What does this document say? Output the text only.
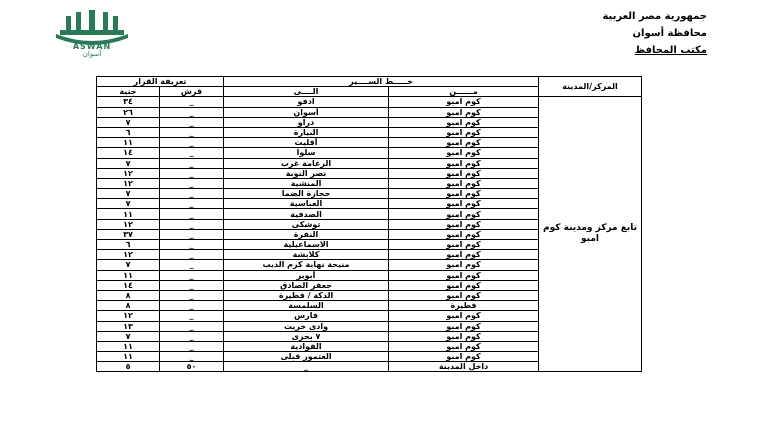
ASWAN
أسوان
جمهورية مصر العربية
محافظة أسوان
مكتب المحافظ
المركز/المدينة	خـــــط الســــير		تعريفة القرار	
	مــــــن	الــــى	قرش	جنية
تابع مركز ومدينة كوم امبو	كوم امبو	ادفو	_	٣٤
	كوم امبو	أسوان	_	٢٦
	كوم امبو	دراو	_	٧
	كوم امبو	البيارة	_	٦
	كوم امبو	أقليت	_	١١
	كوم امبو	سلوا	_	١٤
	كوم امبو	الرغامة غرب	_	٧
	كوم امبو	نصر النوبة	_	١٢
	كوم امبو	المنشية	_	١٢
	كوم امبو	حجازة الضما	_	٧
	كوم امبو	العباسية	_	٧
	كوم امبو	الصدفية	_	١١
	كوم امبو	توشكى	_	١٢
	كوم امبو	النفرة	_	٣٧
	كوم امبو	الاسماعيلية	_	٦
	كوم امبو	كلابشة	_	١٢
	كوم امبو	منيحة نهاية كرم الديب	_	٧
	كوم امبو	أبوير	_	١١
	كوم امبو	جعفر الصادق	_	١٤
	كوم امبو	الدكة / فطيرة	_	٨
	فطيرة	السلمسة	_	٨
	كوم امبو	فارس	_	١٢
	كوم امبو	وادى خريت	_	١٣
	كوم امبو	٧ بحرى	_	٧
	كوم امبو	الفوادية	_	١١
	كوم امبو	العتمور قبلى	_	١١
	داخل المدينة	_	٥٠	٥
